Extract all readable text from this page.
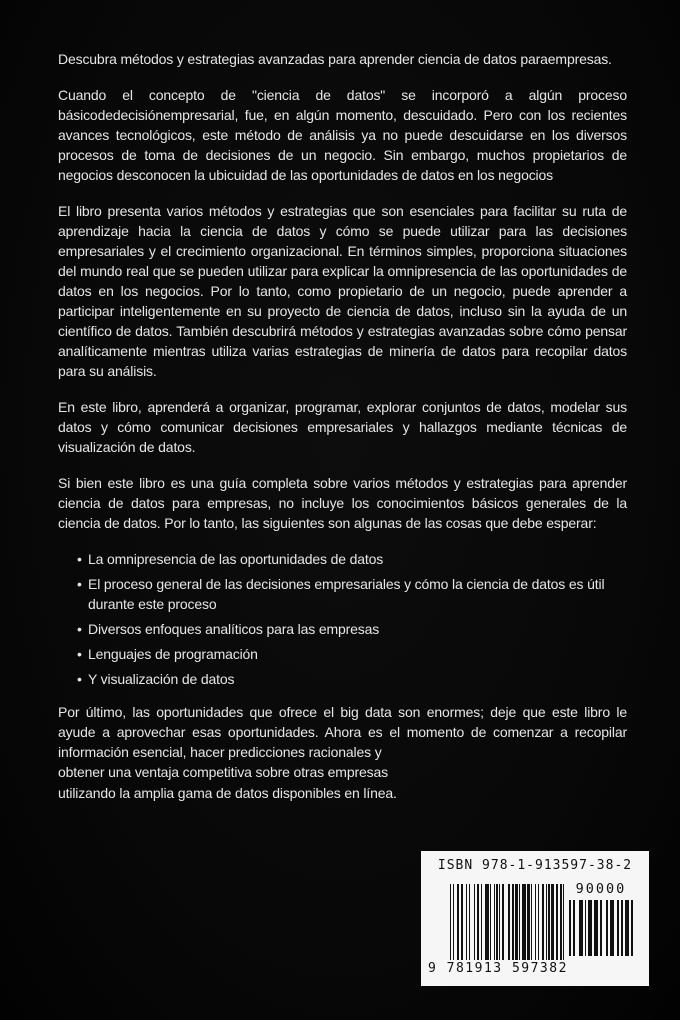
Descubra métodos y estrategias avanzadas para aprender ciencia de datos paraempresas.

Cuando el concepto de "ciencia de datos" se incorporó a algún proceso básicodedecisiónempresarial, fue, en algún momento, descuidado. Pero con los recientes avances tecnológicos, este método de análisis ya no puede descuidarse en los diversos procesos de toma de decisiones de un negocio. Sin embargo, muchos propietarios de negocios desconocen la ubicuidad de las oportunidades de datos en los negocios

El libro presenta varios métodos y estrategias que son esenciales para facilitar su ruta de aprendizaje hacia la ciencia de datos y cómo se puede utilizar para las decisiones empresariales y el crecimiento organizacional. En términos simples, proporciona situaciones del mundo real que se pueden utilizar para explicar la omnipresencia de las oportunidades de datos en los negocios. Por lo tanto, como propietario de un negocio, puede aprender a participar inteligentemente en su proyecto de ciencia de datos, incluso sin la ayuda de un científico de datos. También descubrirá métodos y estrategias avanzadas sobre cómo pensar analíticamente mientras utiliza varias estrategias de minería de datos para recopilar datos para su análisis.

En este libro, aprenderá a organizar, programar, explorar conjuntos de datos, modelar sus datos y cómo comunicar decisiones empresariales y hallazgos mediante técnicas de visualización de datos.

Si bien este libro es una guía completa sobre varios métodos y estrategias para aprender ciencia de datos para empresas, no incluye los conocimientos básicos generales de la ciencia de datos. Por lo tanto, las siguientes son algunas de las cosas que debe esperar:

• La omnipresencia de las oportunidades de datos
• El proceso general de las decisiones empresariales y cómo la ciencia de datos es útil durante este proceso
• Diversos enfoques analíticos para las empresas
• Lenguajes de programación
• Y visualización de datos

Por último, las oportunidades que ofrece el big data son enormes; deje que este libro le ayude a aprovechar esas oportunidades. Ahora es el momento de comenzar a recopilar información esencial, hacer predicciones racionales y

obtener una ventaja competitiva sobre otras empresas utilizando la amplia gama de datos disponibles en línea.

ISBN 978-1-913597-38-2
90000
9 781913 597382
